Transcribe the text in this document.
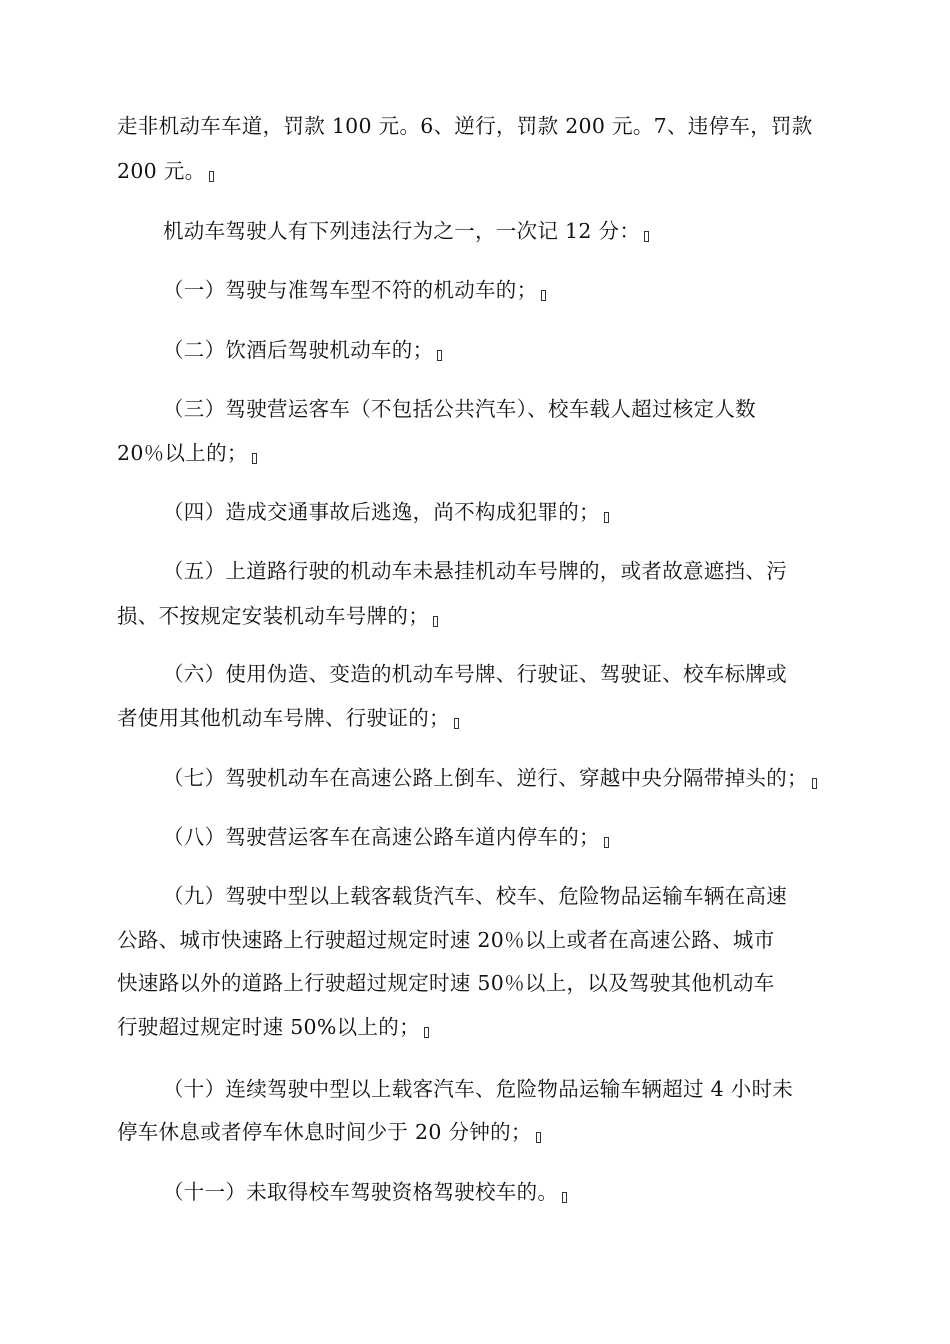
走非机动车车道，罚款 100 元。6、逆行，罚款 200 元。7、违停车，罚款
200 元。
机动车驾驶人有下列违法行为之一，一次记 12 分：
（一）驾驶与准驾车型不符的机动车的；
（二）饮酒后驾驶机动车的；
（三）驾驶营运客车（不包括公共汽车）、校车载人超过核定人数
20％以上的；
（四）造成交通事故后逃逸，尚不构成犯罪的；
（五）上道路行驶的机动车未悬挂机动车号牌的，或者故意遮挡、污
损、不按规定安装机动车号牌的；
（六）使用伪造、变造的机动车号牌、行驶证、驾驶证、校车标牌或
者使用其他机动车号牌、行驶证的；
（七）驾驶机动车在高速公路上倒车、逆行、穿越中央分隔带掉头的；
（八）驾驶营运客车在高速公路车道内停车的；
（九）驾驶中型以上载客载货汽车、校车、危险物品运输车辆在高速
公路、城市快速路上行驶超过规定时速 20％以上或者在高速公路、城市
快速路以外的道路上行驶超过规定时速 50％以上，以及驾驶其他机动车
行驶超过规定时速 50%以上的；
（十）连续驾驶中型以上载客汽车、危险物品运输车辆超过 4 小时未
停车休息或者停车休息时间少于 20 分钟的；
（十一）未取得校车驾驶资格驾驶校车的。
